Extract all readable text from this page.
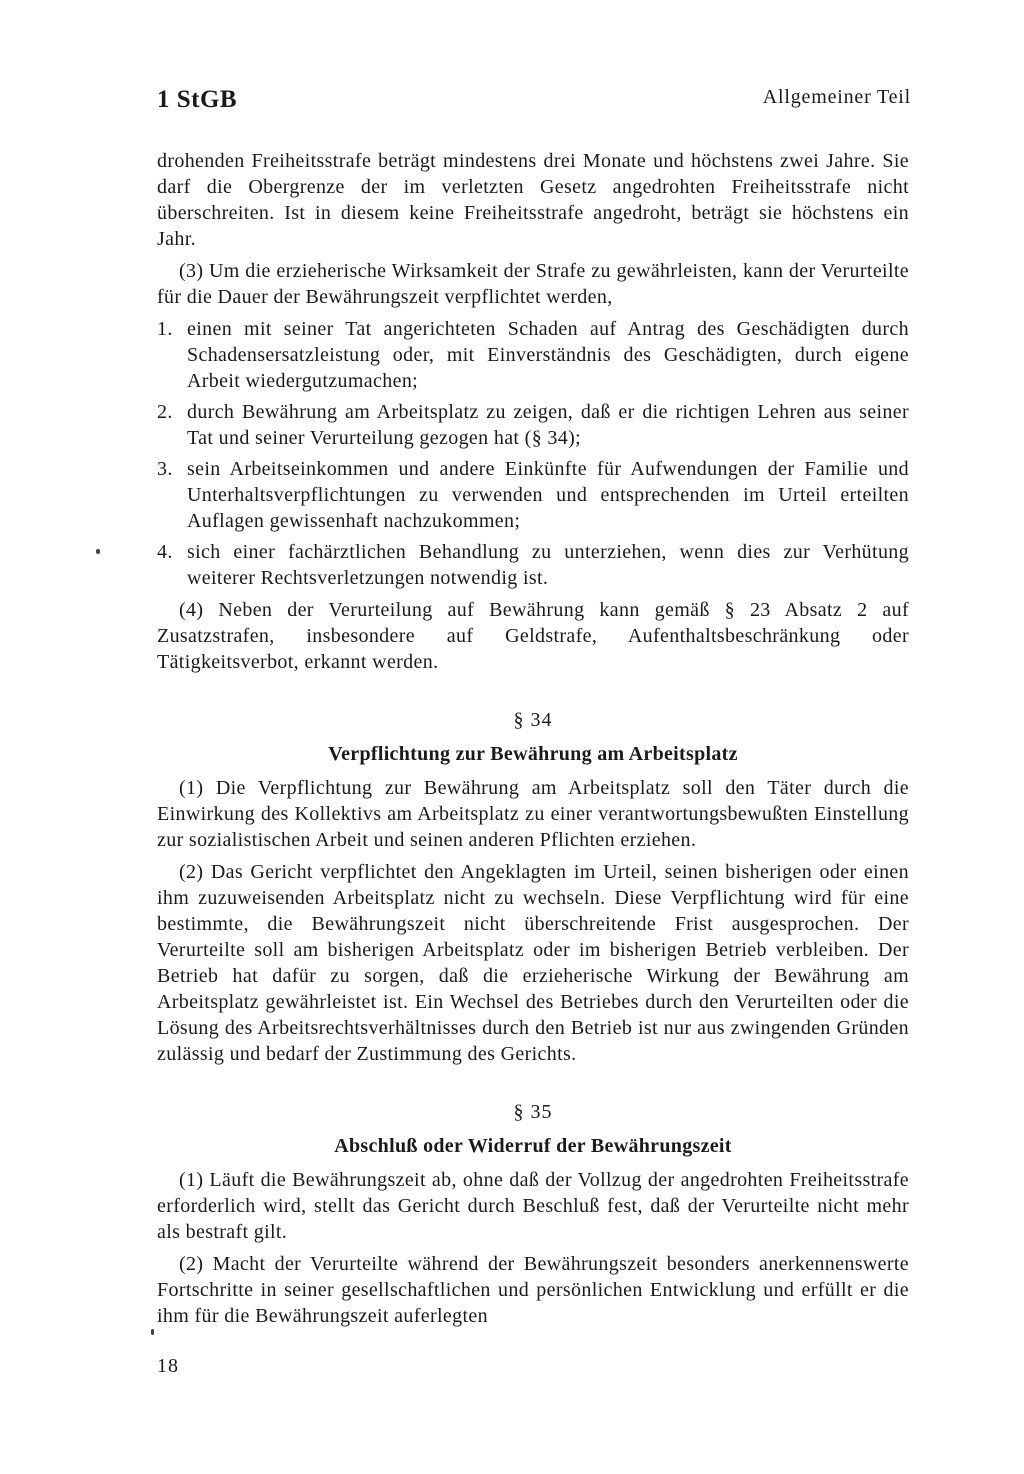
1 StGB	Allgemeiner Teil

drohenden Freiheitsstrafe beträgt mindestens drei Monate und höchstens zwei Jahre. Sie darf die Obergrenze der im verletzten Gesetz angedrohten Freiheitsstrafe nicht überschreiten. Ist in diesem keine Freiheitsstrafe angedroht, beträgt sie höchstens ein Jahr.

(3) Um die erzieherische Wirksamkeit der Strafe zu gewährleisten, kann der Verurteilte für die Dauer der Bewährungszeit verpflichtet werden,

1. einen mit seiner Tat angerichteten Schaden auf Antrag des Geschädigten durch Schadensersatzleistung oder, mit Einverständnis des Geschädigten, durch eigene Arbeit wiedergutzumachen;
2. durch Bewährung am Arbeitsplatz zu zeigen, daß er die richtigen Lehren aus seiner Tat und seiner Verurteilung gezogen hat (§ 34);
3. sein Arbeitseinkommen und andere Einkünfte für Aufwendungen der Familie und Unterhaltsverpflichtungen zu verwenden und entsprechenden im Urteil erteilten Auflagen gewissenhaft nachzukommen;
4. sich einer fachärztlichen Behandlung zu unterziehen, wenn dies zur Verhütung weiterer Rechtsverletzungen notwendig ist.

(4) Neben der Verurteilung auf Bewährung kann gemäß § 23 Absatz 2 auf Zusatzstrafen, insbesondere auf Geldstrafe, Aufenthaltsbeschränkung oder Tätigkeitsverbot, erkannt werden.

§ 34
Verpflichtung zur Bewährung am Arbeitsplatz

(1) Die Verpflichtung zur Bewährung am Arbeitsplatz soll den Täter durch die Einwirkung des Kollektivs am Arbeitsplatz zu einer verantwortungsbewußten Einstellung zur sozialistischen Arbeit und seinen anderen Pflichten erziehen.

(2) Das Gericht verpflichtet den Angeklagten im Urteil, seinen bisherigen oder einen ihm zuzuweisenden Arbeitsplatz nicht zu wechseln. Diese Verpflichtung wird für eine bestimmte, die Bewährungszeit nicht überschreitende Frist ausgesprochen. Der Verurteilte soll am bisherigen Arbeitsplatz oder im bisherigen Betrieb verbleiben. Der Betrieb hat dafür zu sorgen, daß die erzieherische Wirkung der Bewährung am Arbeitsplatz gewährleistet ist. Ein Wechsel des Betriebes durch den Verurteilten oder die Lösung des Arbeitsrechtsverhältnisses durch den Betrieb ist nur aus zwingenden Gründen zulässig und bedarf der Zustimmung des Gerichts.

§ 35
Abschluß oder Widerruf der Bewährungszeit

(1) Läuft die Bewährungszeit ab, ohne daß der Vollzug der angedrohten Freiheitsstrafe erforderlich wird, stellt das Gericht durch Beschluß fest, daß der Verurteilte nicht mehr als bestraft gilt.

(2) Macht der Verurteilte während der Bewährungszeit besonders anerkennenswerte Fortschritte in seiner gesellschaftlichen und persönlichen Entwicklung und erfüllt er die ihm für die Bewährungszeit auferlegten

18
